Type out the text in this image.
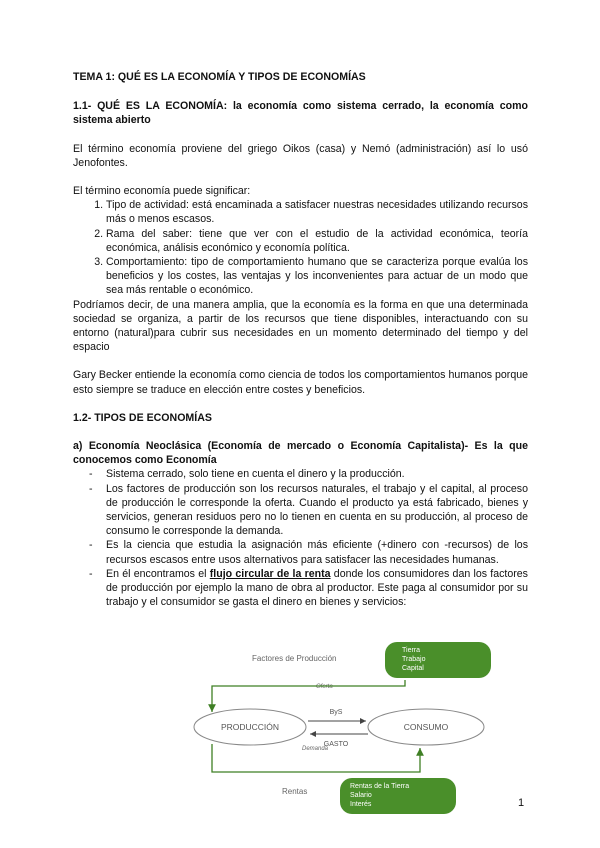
TEMA 1: QUÉ ES LA ECONOMÍA Y TIPOS DE ECONOMÍAS
1.1- QUÉ ES LA ECONOMÍA: la economía como sistema cerrado, la economía como sistema abierto

El término economía proviene del griego Oikos (casa) y Nemó (administración) así lo usó Jenofontes.

El término economía puede significar:

1. Tipo de actividad: está encaminada a satisfacer nuestras necesidades utilizando recursos más o menos escasos.
2. Rama del saber: tiene que ver con el estudio de la actividad económica, teoría económica, análisis económico y economía política.
3. Comportamiento: tipo de comportamiento humano que se caracteriza porque evalúa los beneficios y los costes, las ventajas y los inconvenientes para actuar de un modo que sea más rentable o económico.

Podríamos decir, de una manera amplia, que la economía es la forma en que una determinada sociedad se organiza, a partir de los recursos que tiene disponibles, interactuando con su entorno (natural)para cubrir sus necesidades en un momento determinado del tiempo y del espacio

Gary Becker entiende la economía como ciencia de todos los comportamientos humanos porque esto siempre se traduce en elección entre costes y beneficios.

1.2- TIPOS DE ECONOMÍAS
a) Economía Neoclásica (Economía de mercado o Economía Capitalista)- Es la que conocemos como Economía
- Sistema cerrado, solo tiene en cuenta el dinero y la producción.
- Los factores de producción son los recursos naturales, el trabajo y el capital, al proceso de producción le corresponde la oferta. Cuando el producto ya está fabricado, bienes y servicios, generan residuos pero no lo tienen en cuenta en su producción, al proceso de consumo le corresponde la demanda.
- Es la ciencia que estudia la asignación más eficiente (+dinero con -recursos) de los recursos escasos entre usos alternativos para satisfacer las necesidades humanas.
- En él encontramos el flujo circular de la renta donde los consumidores dan los factores de producción por ejemplo la mano de obra al productor. Este paga al consumidor por su trabajo y el consumidor se gasta el dinero en bienes y servicios:
Tierra
Trabajo
Capital
Factores de Producción
Oferta
Demanda
PRODUCCIÓN	CONSUMO
ByS
GASTO
Rentas de la Tierra
Salario
Interés
Rentas
1
